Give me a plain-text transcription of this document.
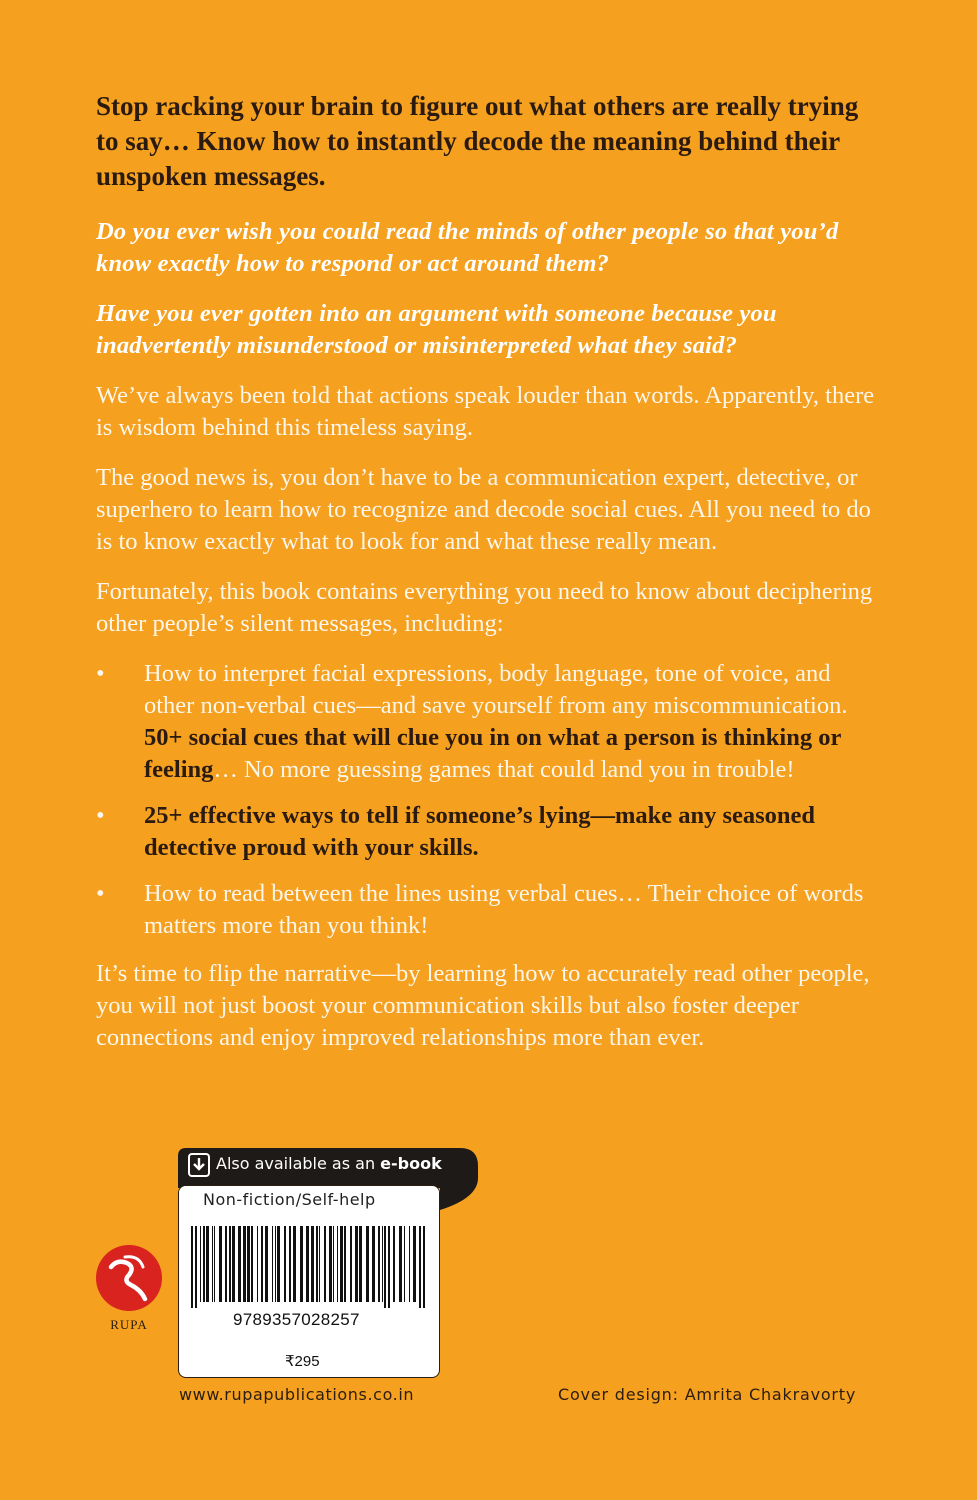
Stop racking your brain to figure out what others are really trying to say… Know how to instantly decode the meaning behind their unspoken messages.

Do you ever wish you could read the minds of other people so that you’d know exactly how to respond or act around them?

Have you ever gotten into an argument with someone because you inadvertently misunderstood or misinterpreted what they said?

We’ve always been told that actions speak louder than words. Apparently, there is wisdom behind this timeless saying.

The good news is, you don’t have to be a communication expert, detective, or superhero to learn how to recognize and decode social cues. All you need to do is to know exactly what to look for and what these really mean.

Fortunately, this book contains everything you need to know about deciphering other people’s silent messages, including:

• How to interpret facial expressions, body language, tone of voice, and other non-verbal cues—and save yourself from any miscommunication. 50+ social cues that will clue you in on what a person is thinking or feeling… No more guessing games that could land you in trouble!
• 25+ effective ways to tell if someone’s lying—make any seasoned detective proud with your skills.
• How to read between the lines using verbal cues… Their choice of words matters more than you think!

It’s time to flip the narrative—by learning how to accurately read other people, you will not just boost your communication skills but also foster deeper connections and enjoy improved relationships more than ever.

Also available as an e-book
Non-fiction/Self-help
9789357028257
₹295
RUPA
www.rupapublications.co.in	Cover design: Amrita Chakravorty
